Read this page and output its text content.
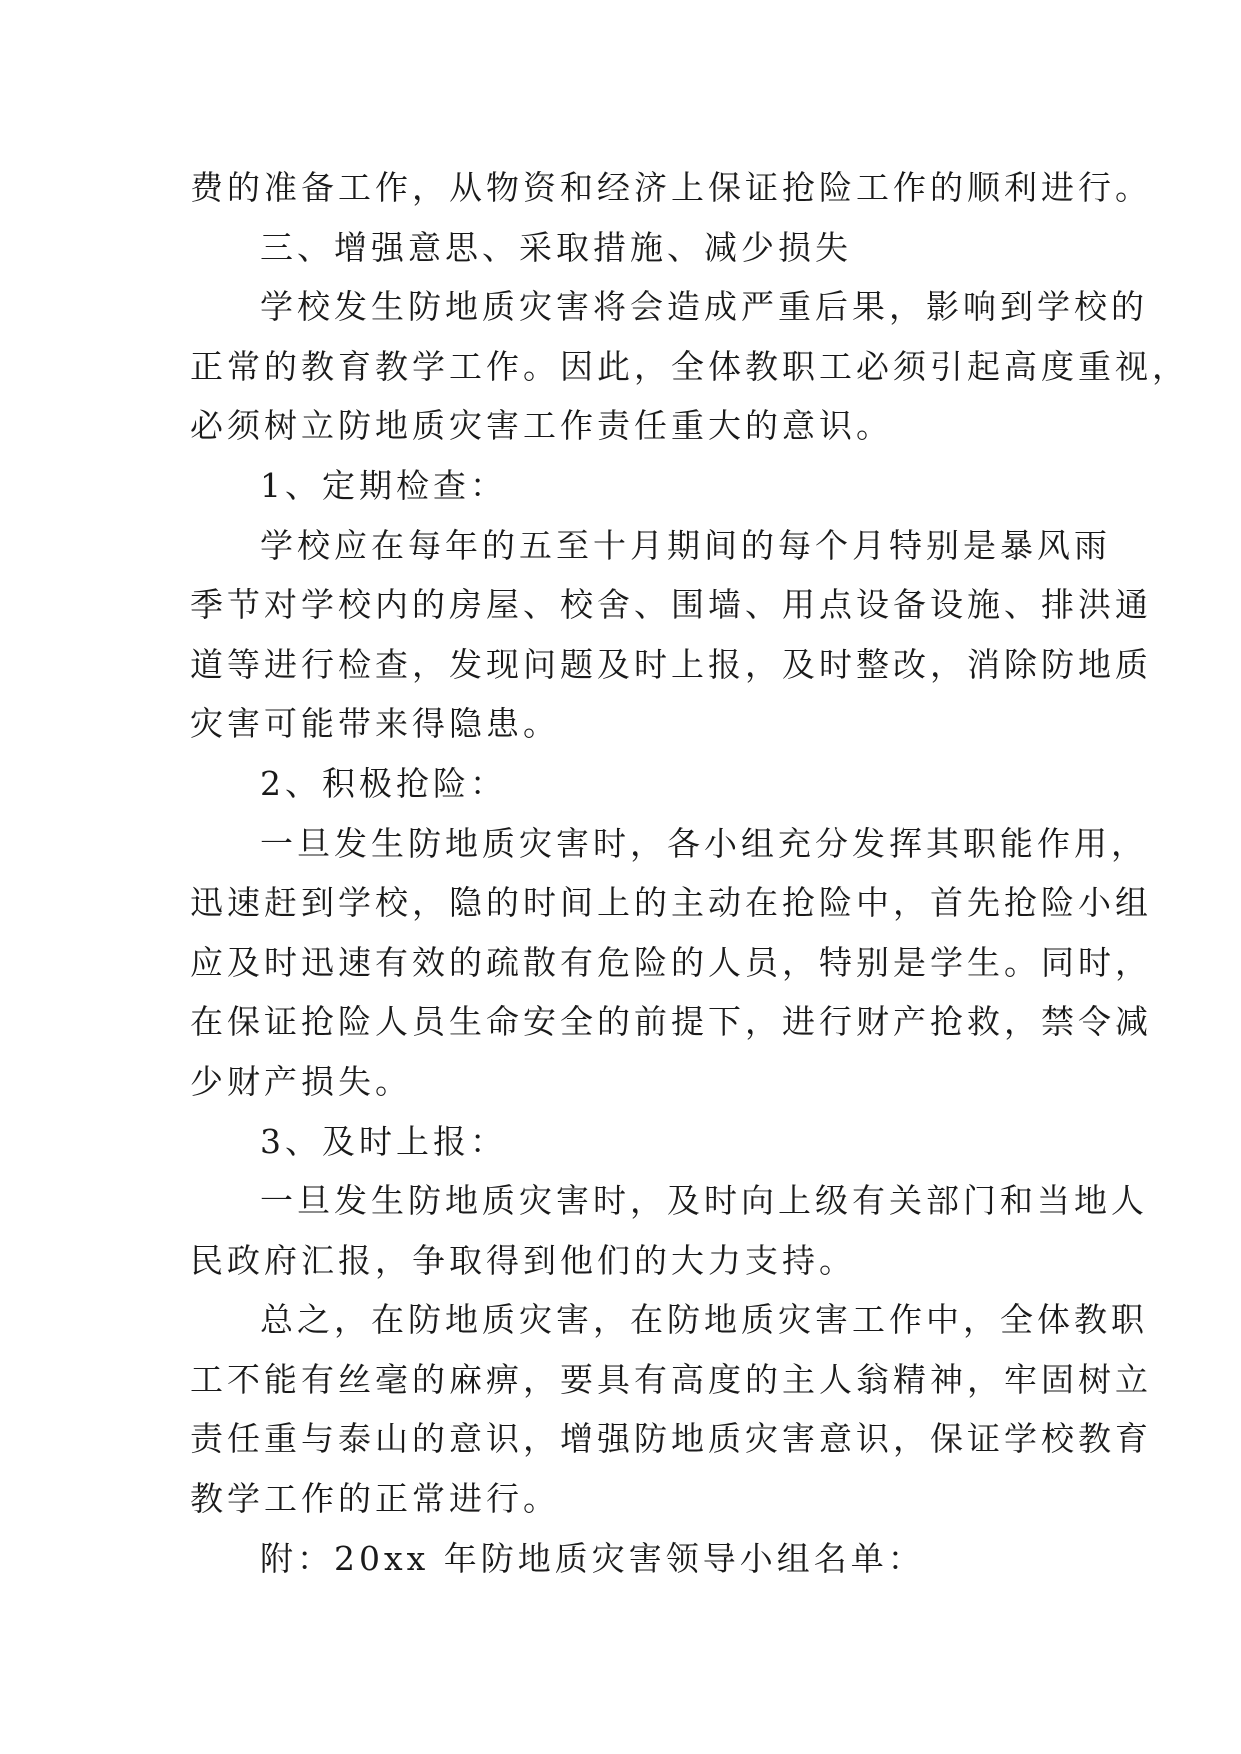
费的准备工作，从物资和经济上保证抢险工作的顺利进行。
三、增强意思、采取措施、减少损失
学校发生防地质灾害将会造成严重后果，影响到学校的
正常的教育教学工作。因此，全体教职工必须引起高度重视，
必须树立防地质灾害工作责任重大的意识。
1、定期检查：
学校应在每年的五至十月期间的每个月特别是暴风雨
季节对学校内的房屋、校舍、围墙、用点设备设施、排洪通
道等进行检查，发现问题及时上报，及时整改，消除防地质
灾害可能带来得隐患。
2、积极抢险：
一旦发生防地质灾害时，各小组充分发挥其职能作用，
迅速赶到学校，隐的时间上的主动在抢险中，首先抢险小组
应及时迅速有效的疏散有危险的人员，特别是学生。同时，
在保证抢险人员生命安全的前提下，进行财产抢救，禁令减
少财产损失。
3、及时上报：
一旦发生防地质灾害时，及时向上级有关部门和当地人
民政府汇报，争取得到他们的大力支持。
总之，在防地质灾害，在防地质灾害工作中，全体教职
工不能有丝毫的麻痹，要具有高度的主人翁精神，牢固树立
责任重与泰山的意识，增强防地质灾害意识，保证学校教育
教学工作的正常进行。
附：20xx 年防地质灾害领导小组名单：
